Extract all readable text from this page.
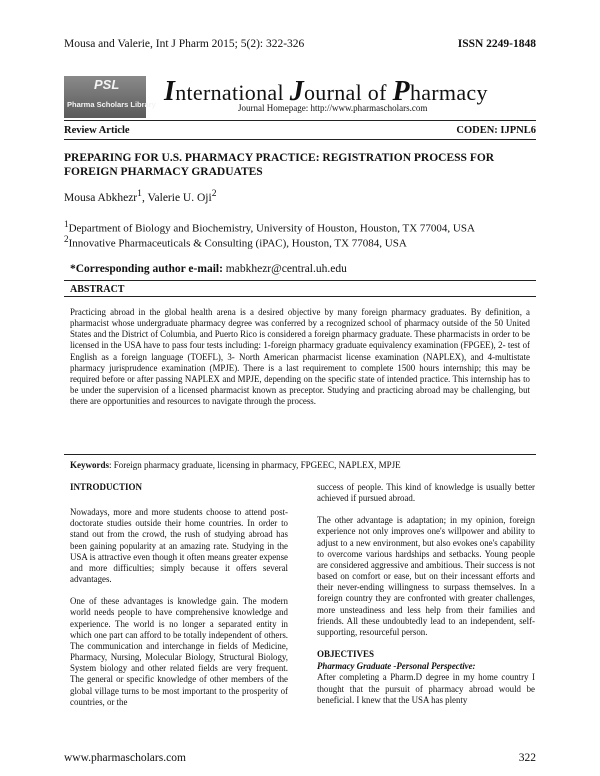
Mousa and Valerie, Int J Pharm 2015; 5(2): 322-326	ISSN 2249-1848
PSL
Pharma Scholars Library International Journal of Pharmacy
Journal Homepage: http://www.pharmascholars.com
Review Article	CODEN: IJPNL6
PREPARING FOR U.S. PHARMACY PRACTICE: REGISTRATION PROCESS FOR FOREIGN PHARMACY GRADUATES
Mousa Abkhezr$^1$, Valerie U. Oji$^2$
$^1$Department of Biology and Biochemistry, University of Houston, Houston, TX 77004, USA
$^2$Innovative Pharmaceuticals & Consulting (iPAC), Houston, TX 77084, USA
*Corresponding author e-mail: mabkhezr@central.uh.edu
ABSTRACT
Practicing abroad in the global health arena is a desired objective by many foreign pharmacy graduates. By definition, a pharmacist whose undergraduate pharmacy degree was conferred by a recognized school of pharmacy outside of the 50 United States and the District of Columbia, and Puerto Rico is considered a foreign pharmacy graduate. These pharmacists in order to be licensed in the USA have to pass four tests including: 1-foreign pharmacy graduate equivalency examination (FPGEE), 2- test of English as a foreign language (TOEFL), 3- North American pharmacist license examination (NAPLEX), and 4-multistate pharmacy jurisprudence examination (MPJE). There is a last requirement to complete 1500 hours internship; this may be required before or after passing NAPLEX and MPJE, depending on the specific state of intended practice. This internship has to be under the supervision of a licensed pharmacist known as preceptor. Studying and practicing abroad may be challenging, but there are opportunities and resources to navigate through the process.
Keywords: Foreign pharmacy graduate, licensing in pharmacy, FPGEEC, NAPLEX, MPJE

INTRODUCTION

Nowadays, more and more students choose to attend post-doctorate studies outside their home countries. In order to stand out from the crowd, the rush of studying abroad has been gaining popularity at an amazing rate. Studying in the USA is attractive even though it often means greater expense and more difficulties; simply because it offers several advantages.

One of these advantages is knowledge gain. The modern world needs people to have comprehensive knowledge and experience. The world is no longer a separated entity in which one part can afford to be totally independent of others. The communication and interchange in fields of Medicine, Pharmacy, Nursing, Molecular Biology, Structural Biology, System biology and other related fields are very frequent. The general or specific knowledge of other members of the global village turns to be most important to the prosperity of countries, or the

success of people. This kind of knowledge is usually better achieved if pursued abroad.

The other advantage is adaptation; in my opinion, foreign experience not only improves one's willpower and ability to adjust to a new environment, but also evokes one's capability to overcome various hardships and setbacks. Young people are considered aggressive and ambitious. Their success is not based on comfort or ease, but on their incessant efforts and their never-ending willingness to surpass themselves. In a foreign country they are confronted with greater challenges, more unsteadiness and less help from their families and friends. All these undoubtedly lead to an independent, self-supporting, resourceful person.

OBJECTIVES

Pharmacy Graduate -Personal Perspective:

After completing a Pharm.D degree in my home country I thought that the pursuit of pharmacy abroad would be beneficial. I knew that the USA has plenty

www.pharmascholars.com	322
